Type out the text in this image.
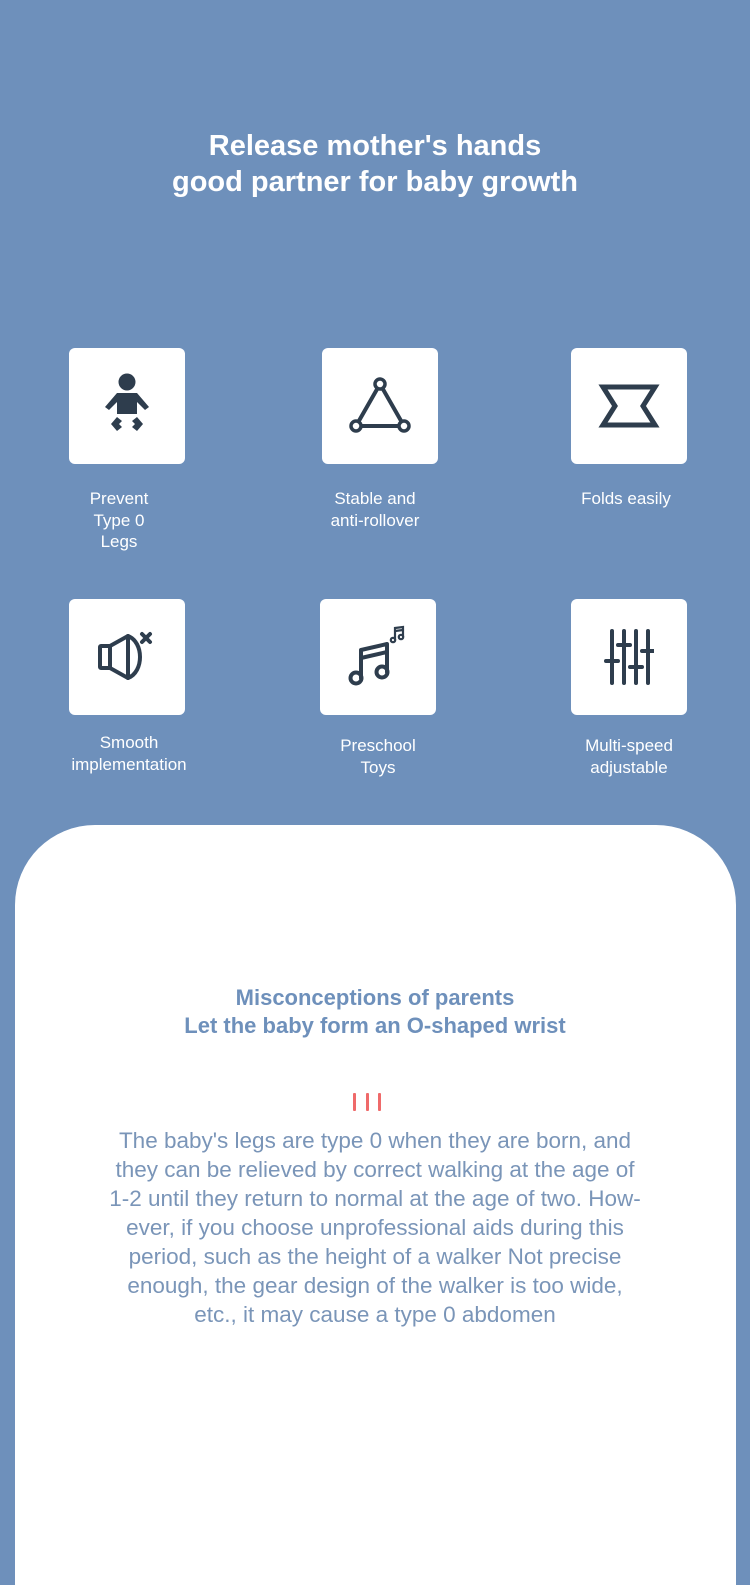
Release mother's hands
good partner for baby growth
Prevent
Type 0
Legs
Stable and
anti-rollover
Folds easily
Smooth
implementation
Preschool
Toys
Multi-speed
adjustable
Misconceptions of parents
Let the baby form an O-shaped wrist
The baby's legs are type 0 when they are born, and
they can be relieved by correct walking at the age of
1-2 until they return to normal at the age of two. How-
ever, if you choose unprofessional aids during this
period, such as the height of a walker Not precise
enough, the gear design of the walker is too wide,
etc., it may cause a type 0 abdomen
